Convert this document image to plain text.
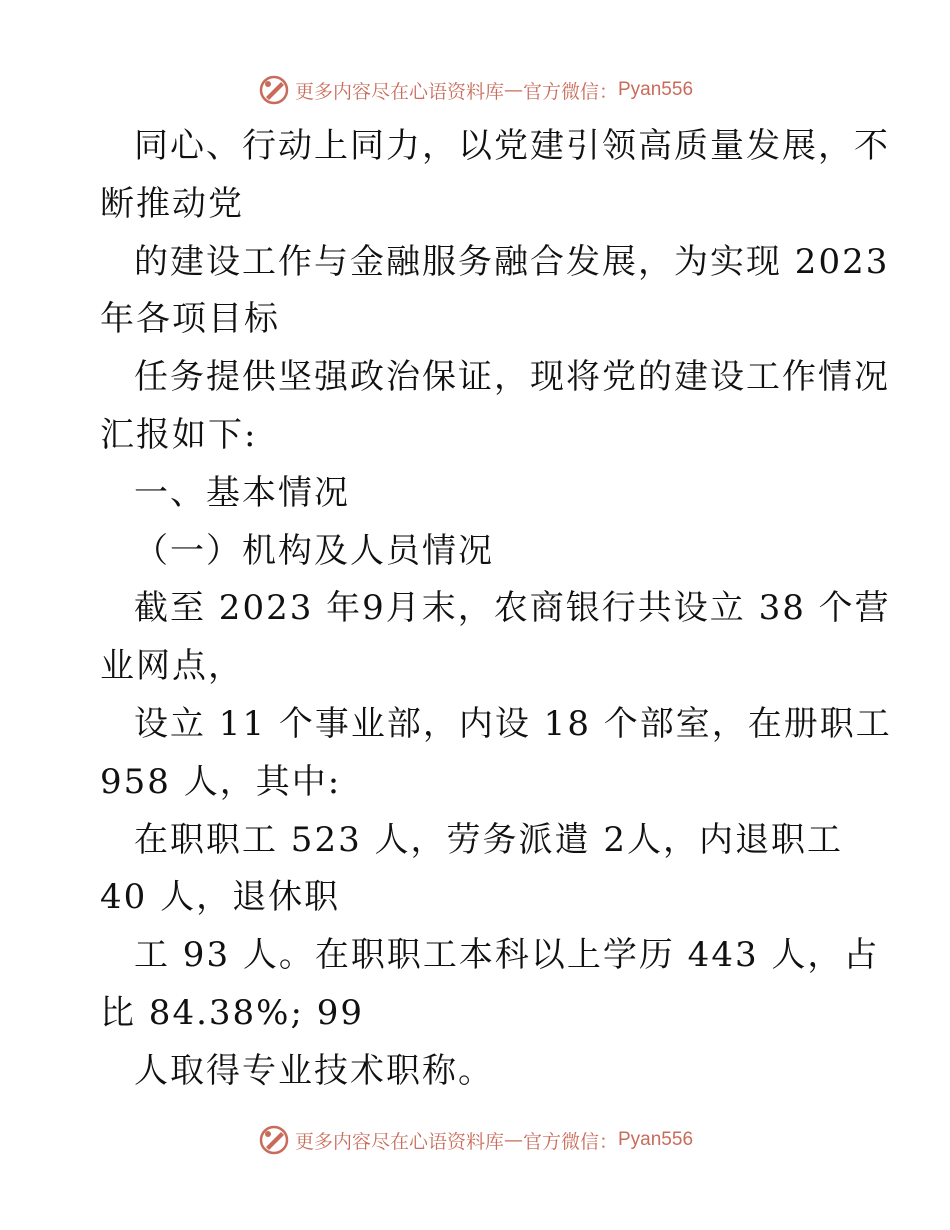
更多内容尽在心语资料库 — 官方微信： Pyan556
同心、行动上同力，以党建引领高质量发展，不
断推动党
的建设工作与金融服务融合发展，为实现 2023
年各项目标
任务提供坚强政治保证，现将党的建设工作情况
汇报如下:
一、基本情况
（一）机构及人员情况
截至 2023 年9月末，农商银行共设立 38 个营
业网点，
设立 11 个事业部，内设 18 个部室，在册职工
958 人，其中:
在职职工 523 人，劳务派遣 2人，内退职工
40 人，退休职
工 93 人。在职职工本科以上学历 443 人，占
比 84.38%; 99
人取得专业技术职称。
更多内容尽在心语资料库 — 官方微信： Pyan556
